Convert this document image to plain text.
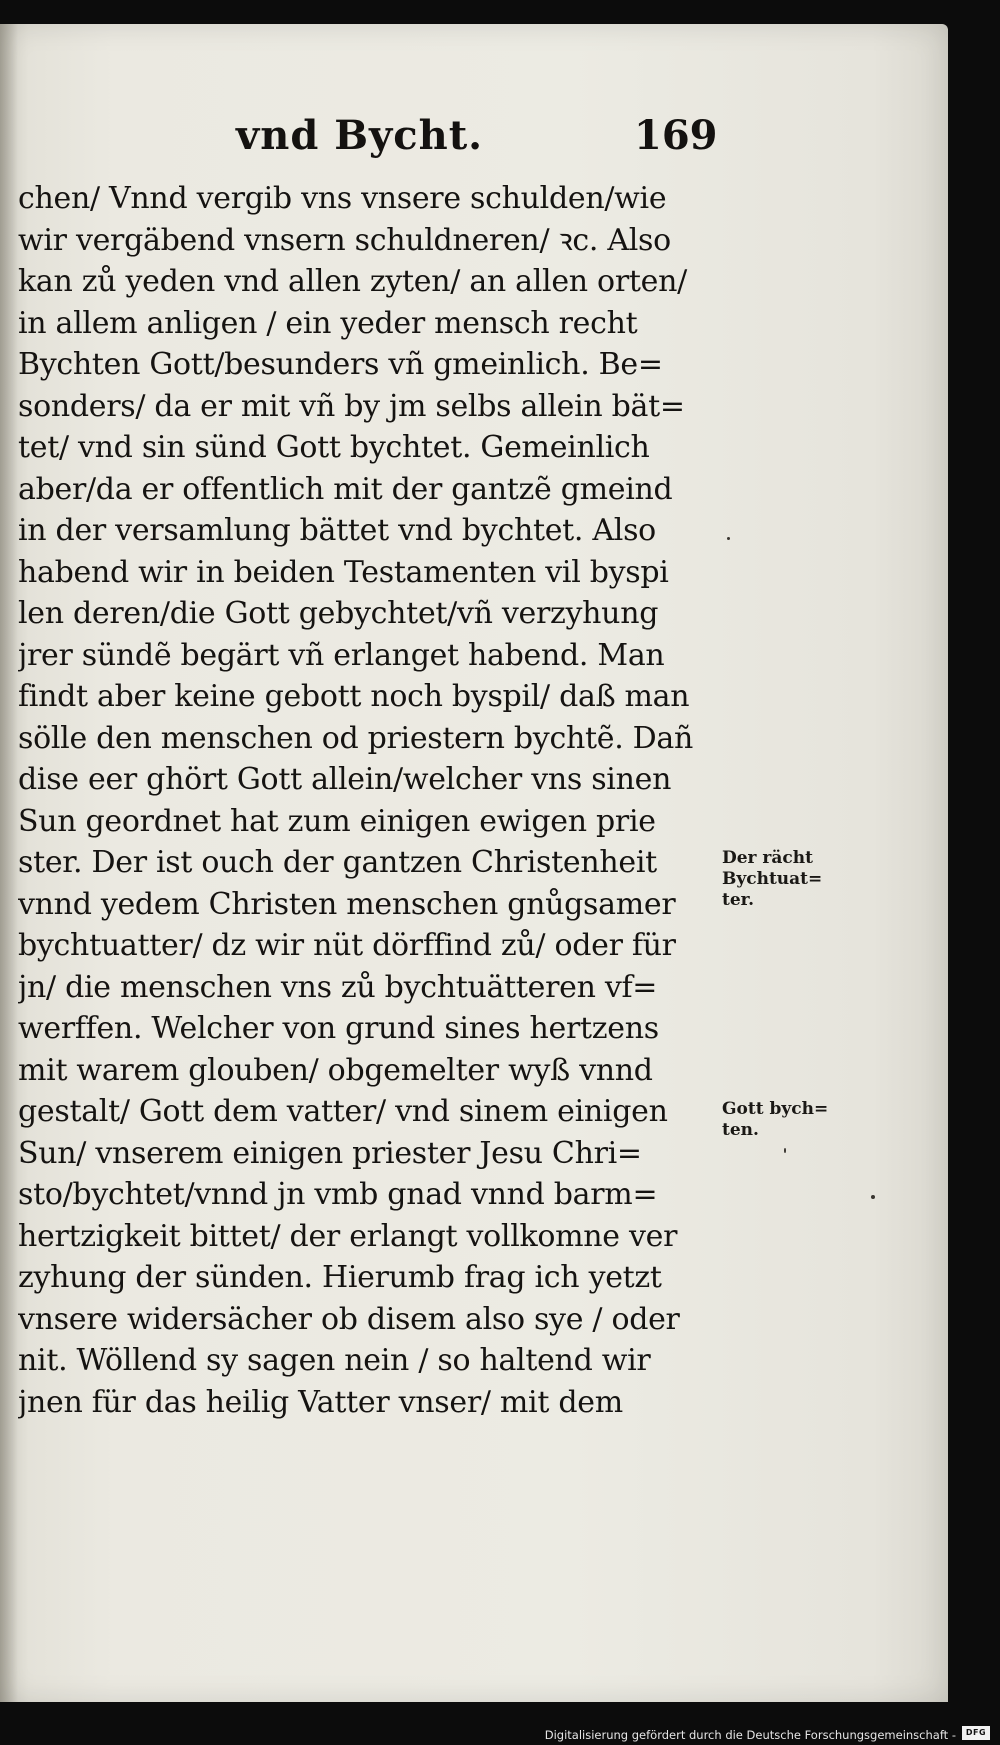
vnd Bycht.	169
chen/ Vnnd vergib vns vnsere schulden/wie
wir vergäbend vnsern schuldneren/ ꝛc. Also
kan zů yeden vnd allen zyten/ an allen orten/
in allem anligen / ein yeder mensch recht
Bychten Gott/besunders vñ gmeinlich. Be=
sonders/ da er mit vñ by jm selbs allein bät=
tet/ vnd sin sünd Gott bychtet. Gemeinlich
aber/da er offentlich mit der gantzẽ gmeind
in der versamlung bättet vnd bychtet. Also
habend wir in beiden Testamenten vil byspi
len deren/die Gott gebychtet/vñ verzyhung
jrer sündẽ begärt vñ erlanget habend. Man
findt aber keine gebott noch byspil/ daß man
sölle den menschen od priestern bychtẽ. Dañ
dise eer ghört Gott allein/welcher vns sinen
Sun geordnet hat zum einigen ewigen prie
ster. Der ist ouch der gantzen Christenheit
vnnd yedem Christen menschen gnůgsamer
bychtuatter/ dz wir nüt dörffind zů/ oder für
jn/ die menschen vns zů bychtuätteren vf=
werffen. Welcher von grund sines hertzens
mit warem glouben/ obgemelter wyß vnnd
gestalt/ Gott dem vatter/ vnd sinem einigen
Sun/ vnserem einigen priester Jesu Chri=
sto/bychtet/vnnd jn vmb gnad vnnd barm=
hertzigkeit bittet/ der erlangt vollkomne ver
zyhung der sünden. Hierumb frag ich yetzt
vnsere widersächer ob disem also sye / oder
nit. Wöllend sy sagen nein / so haltend wir
jnen für das heilig Vatter vnser/ mit dem
Der rächt
Bychtuat=
ter.
Gott bych=
ten.
Digitalisierung gefördert durch die Deutsche Forschungsgemeinschaft -	DFG
